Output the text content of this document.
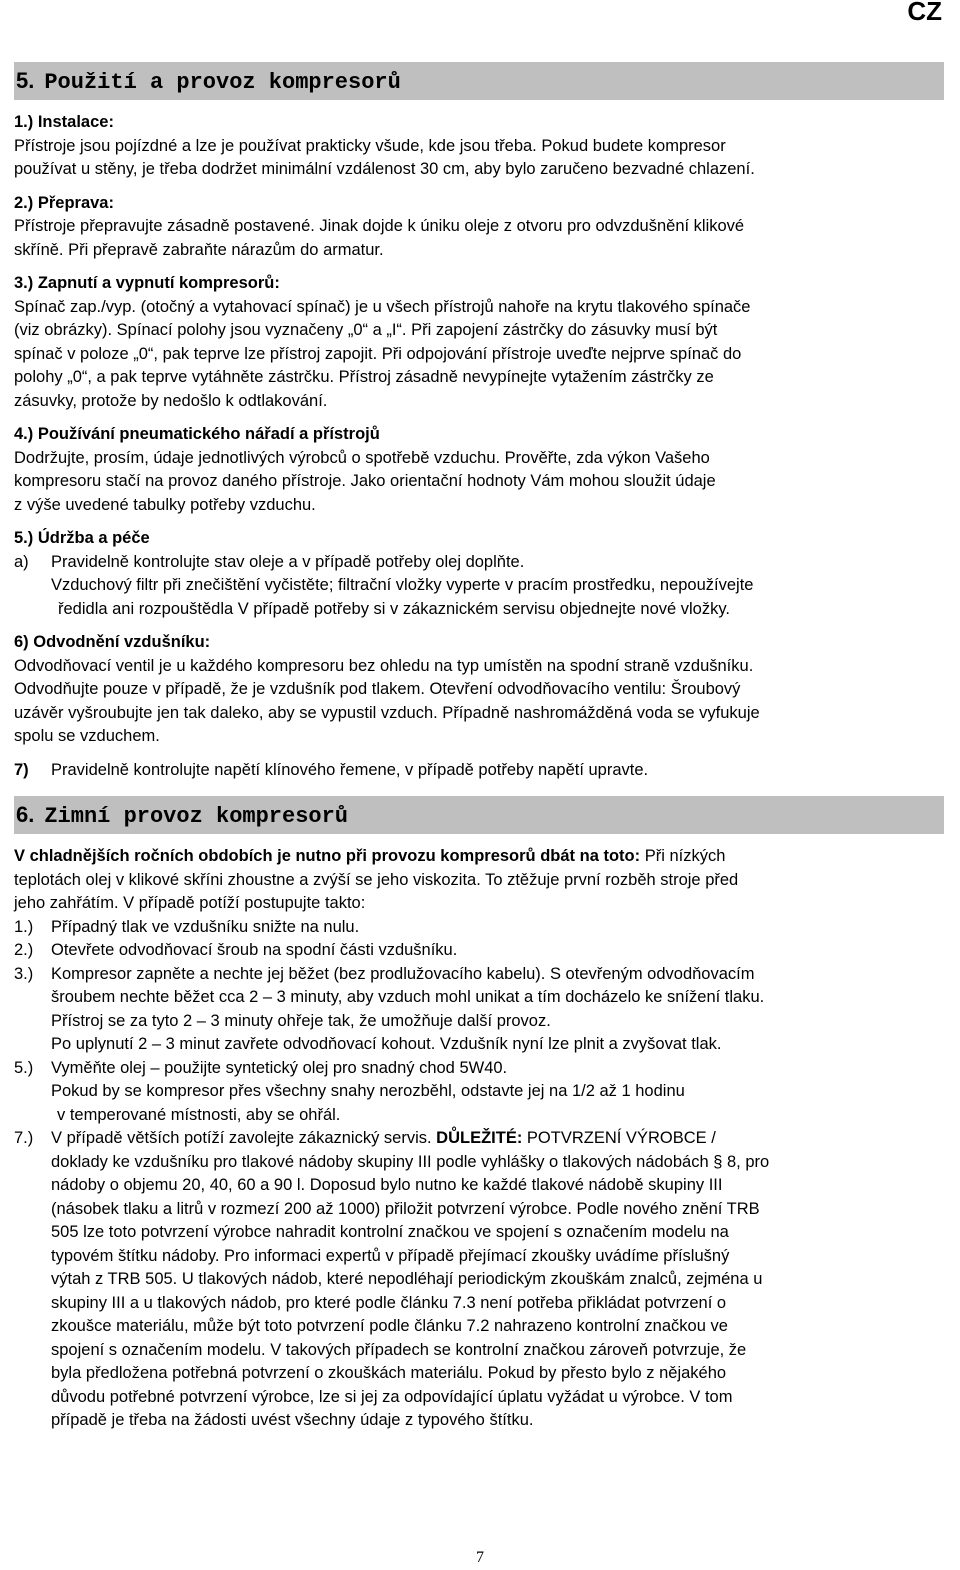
CZ
5. Použití a provoz kompresorů
1.) Instalace:

Přístroje jsou pojízdné a lze je používat prakticky všude, kde jsou třeba. Pokud budete kompresor

používat u stěny, je třeba dodržet minimální vzdálenost 30 cm, aby bylo zaručeno bezvadné chlazení.

2.) Přeprava:

Přístroje přepravujte zásadně postavené. Jinak dojde k úniku oleje z otvoru pro odvzdušnění klikové

skříně. Při přepravě zabraňte nárazům do armatur.

3.) Zapnutí a vypnutí kompresorů:

Spínač zap./vyp. (otočný a vytahovací spínač) je u všech přístrojů nahoře na krytu tlakového spínače

(viz obrázky). Spínací polohy jsou vyznačeny „0“ a „I“. Při zapojení zástrčky do zásuvky musí být

spínač v poloze „0“, pak teprve lze přístroj zapojit. Při odpojování přístroje uveďte nejprve spínač do

polohy „0“, a pak teprve vytáhněte zástrčku. Přístroj zásadně nevypínejte vytažením zástrčky ze

zásuvky, protože by nedošlo k odtlakování.

4.) Používání pneumatického nářadí a přístrojů

Dodržujte, prosím, údaje jednotlivých výrobců o spotřebě vzduchu. Prověřte, zda výkon Vašeho

kompresoru stačí na provoz daného přístroje. Jako orientační hodnoty Vám mohou sloužit údaje

z výše uvedené tabulky potřeby vzduchu.

5.) Údržba a péče
a)	Pravidelně kontrolujte stav oleje a v případě potřeby olej doplňte.

Vzduchový filtr při znečištění vyčistěte; filtrační vložky vyperte v pracím prostředku, nepoužívejte

ředidla ani rozpouštědla V případě potřeby si v zákaznickém servisu objednejte nové vložky.

6) Odvodnění vzdušníku:

Odvodňovací ventil je u každého kompresoru bez ohledu na typ umístěn na spodní straně vzdušníku.

Odvodňujte pouze v případě, že je vzdušník pod tlakem. Otevření odvodňovacího ventilu: Šroubový

uzávěr vyšroubujte jen tak daleko, aby se vypustil vzduch. Případně nashromážděná voda se vyfukuje

spolu se vzduchem.

7)	Pravidelně kontrolujte napětí klínového řemene, v případě potřeby napětí upravte.
6. Zimní provoz kompresorů

V chladnějších ročních obdobích je nutno při provozu kompresorů dbát na toto: Při nízkých

teplotách olej v klikové skříni zhoustne a zvýší se jeho viskozita. To ztěžuje první rozběh stroje před

jeho zahřátím. V případě potíží postupujte takto:

1.)	Případný tlak ve vzdušníku snižte na nulu.
2.)	Otevřete odvodňovací šroub na spodní části vzdušníku.
3.)	Kompresor zapněte a nechte jej běžet (bez prodlužovacího kabelu). S otevřeným odvodňovacím
šroubem nechte běžet cca 2 – 3 minuty, aby vzduch mohl unikat a tím docházelo ke snížení tlaku.
Přístroj se za tyto 2 – 3 minuty ohřeje tak, že umožňuje další provoz.
Po uplynutí 2 – 3 minut zavřete odvodňovací kohout. Vzdušník nyní lze plnit a zvyšovat tlak.
5.)	Vyměňte olej – použijte syntetický olej pro snadný chod 5W40.
Pokud by se kompresor přes všechny snahy nerozběhl, odstavte jej na 1/2 až 1 hodinu
v temperované místnosti, aby se ohřál.
7.)	V případě větších potíží zavolejte zákaznický servis. DŮLEŽITÉ: POTVRZENÍ VÝROBCE /
doklady ke vzdušníku pro tlakové nádoby skupiny III podle vyhlášky o tlakových nádobách § 8, pro
nádoby o objemu 20, 40, 60 a 90 l. Doposud bylo nutno ke každé tlakové nádobě skupiny III
(násobek tlaku a litrů v rozmezí 200 až 1000) přiložit potvrzení výrobce. Podle nového znění TRB
505 lze toto potvrzení výrobce nahradit kontrolní značkou ve spojení s označením modelu na
typovém štítku nádoby. Pro informaci expertů v případě přejímací zkoušky uvádíme příslušný
výtah z TRB 505. U tlakových nádob, které nepodléhají periodickým zkouškám znalců, zejména u
skupiny III a u tlakových nádob, pro které podle článku 7.3 není potřeba přikládat potvrzení o
zkoušce materiálu, může být toto potvrzení podle článku 7.2 nahrazeno kontrolní značkou ve
spojení s označením modelu. V takových případech se kontrolní značkou zároveň potvrzuje, že
byla předložena potřebná potvrzení o zkouškách materiálu. Pokud by přesto bylo z nějakého
důvodu potřebné potvrzení výrobce, lze si jej za odpovídající úplatu vyžádat u výrobce. V tom
případě je třeba na žádosti uvést všechny údaje z typového štítku.
7
